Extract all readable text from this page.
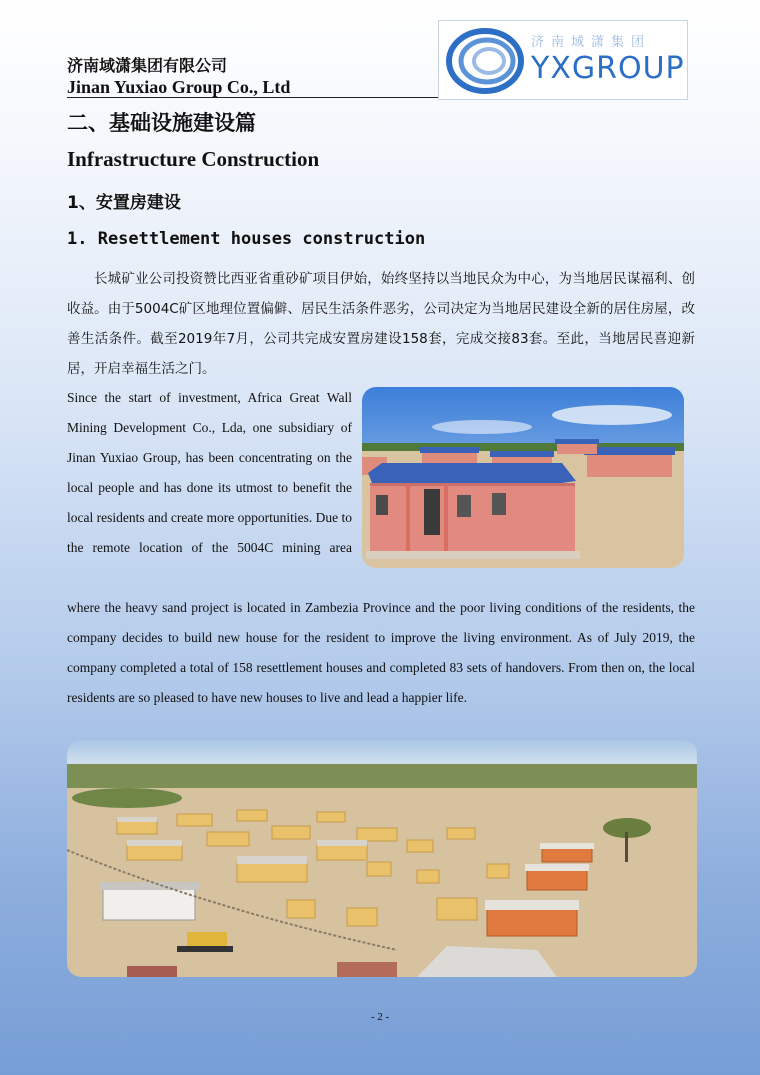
济南域潇集团有限公司
Jinan Yuxiao Group Co., Ltd
济南域潇集团
YXGROUP
二、基础设施建设篇
Infrastructure Construction
1、安置房建设
1. Resettlement houses construction
长城矿业公司投资赞比西亚省重砂矿项目伊始，始终坚持以当地民众为中心，为当地居民谋福利、创收益。由于5004C矿区地理位置偏僻、居民生活条件恶劣，公司决定为当地居民建设全新的居住房屋，改善生活条件。截至2019年7月，公司共完成安置房建设158套，完成交接83套。至此，当地居民喜迎新居，开启幸福生活之门。
Since the start of investment, Africa Great Wall Mining Development Co., Lda, one subsidiary of Jinan Yuxiao Group, has been concentrating on the local people and has done its utmost to benefit the local residents and create more opportunities. Due to the remote location of the 5004C mining area
where the heavy sand project is located in Zambezia Province and the poor living conditions of the residents, the company decides to build new house for the resident to improve the living environment. As of July 2019, the company completed a total of 158 resettlement houses and completed 83 sets of handovers. From then on, the local residents are so pleased to have new houses to live and lead a happier life.
- 2 -
